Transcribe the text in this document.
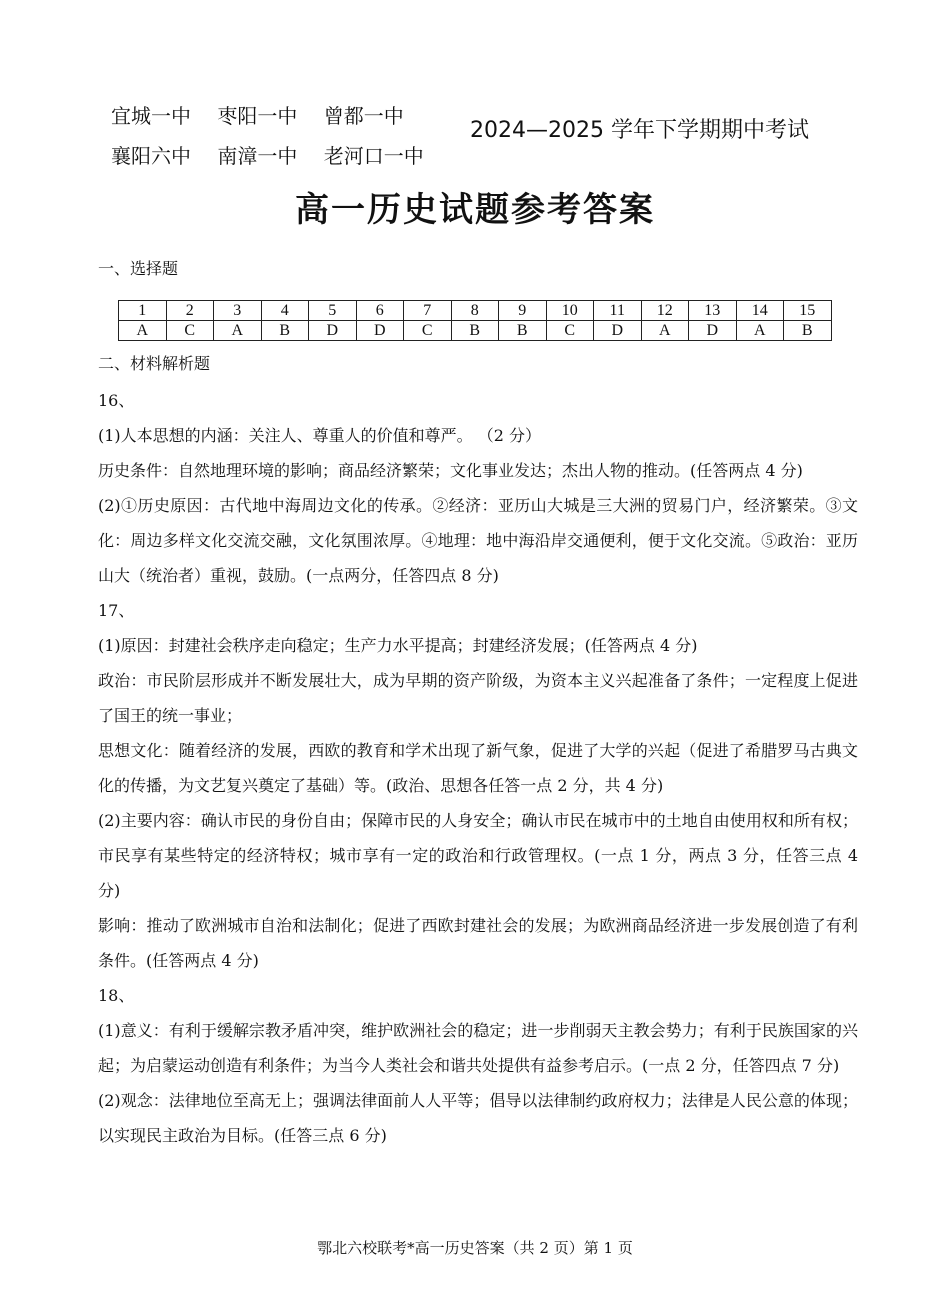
宜城一中 枣阳一中 曾都一中
襄阳六中 南漳一中 老河口一中
2024—2025 学年下学期期中考试
高一历史试题参考答案
一、选择题
1	2	3	4	5	6	7	8	9	10	11	12	13	14	15
A	C	A	B	D	D	C	B	B	C	D	A	D	A	B
二、材料解析题

16、

(1)人本思想的内涵：关注人、尊重人的价值和尊严。 （2 分）

历史条件：自然地理环境的影响；商品经济繁荣；文化事业发达；杰出人物的推动。(任答两点 4 分)

(2)①历史原因：古代地中海周边文化的传承。②经济：亚历山大城是三大洲的贸易门户，经济繁荣。③文化：周边多样文化交流交融，文化氛围浓厚。④地理：地中海沿岸交通便利，便于文化交流。⑤政治：亚历山大（统治者）重视，鼓励。(一点两分，任答四点 8 分)

17、

(1)原因：封建社会秩序走向稳定；生产力水平提高；封建经济发展；(任答两点 4 分)

政治：市民阶层形成并不断发展壮大，成为早期的资产阶级，为资本主义兴起准备了条件；一定程度上促进了国王的统一事业；

思想文化：随着经济的发展，西欧的教育和学术出现了新气象，促进了大学的兴起（促进了希腊罗马古典文化的传播，为文艺复兴奠定了基础）等。(政治、思想各任答一点 2 分，共 4 分)

(2)主要内容：确认市民的身份自由；保障市民的人身安全；确认市民在城市中的土地自由使用权和所有权；市民享有某些特定的经济特权；城市享有一定的政治和行政管理权。(一点 1 分，两点 3 分，任答三点 4 分)

影响：推动了欧洲城市自治和法制化；促进了西欧封建社会的发展；为欧洲商品经济进一步发展创造了有利条件。(任答两点 4 分)

18、

(1)意义：有利于缓解宗教矛盾冲突，维护欧洲社会的稳定；进一步削弱天主教会势力；有利于民族国家的兴起；为启蒙运动创造有利条件；为当今人类社会和谐共处提供有益参考启示。(一点 2 分，任答四点 7 分)

(2)观念：法律地位至高无上；强调法律面前人人平等；倡导以法律制约政府权力；法律是人民公意的体现；以实现民主政治为目标。(任答三点 6 分)

鄂北六校联考*高一历史答案（共 2 页）第 1 页
